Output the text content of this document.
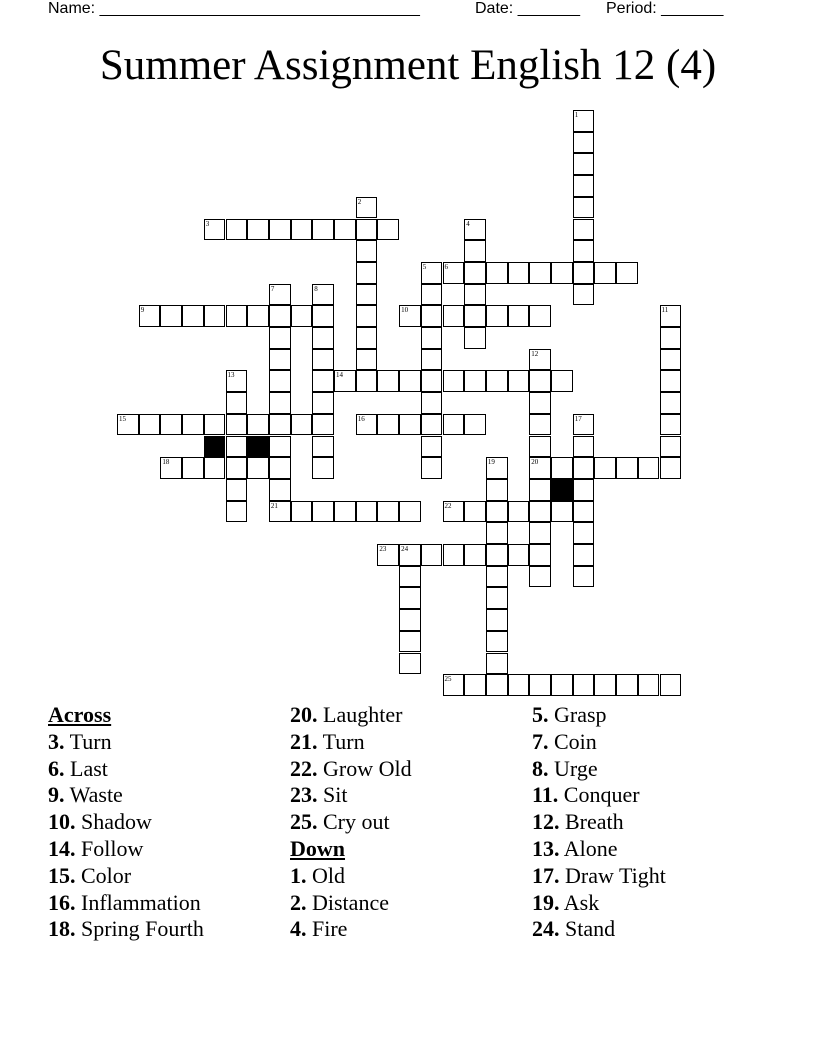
Name: ____________________________________	Date: _______ Period: _______
Summer Assignment English 12 (4)
1
2
3	4
5	6
7
21
8
9	10	11
12
20
13	14
15	16	17
18	19
22
23 24
25
Across
3. Turn
6. Last
9. Waste
10. Shadow
14. Follow
15. Color
16. Inflammation
18. Spring Fourth
20. Laughter
21. Turn
22. Grow Old
23. Sit
25. Cry out
Down
1. Old
2. Distance
4. Fire
5. Grasp
7. Coin
8. Urge
11. Conquer
12. Breath
13. Alone
17. Draw Tight
19. Ask
24. Stand
